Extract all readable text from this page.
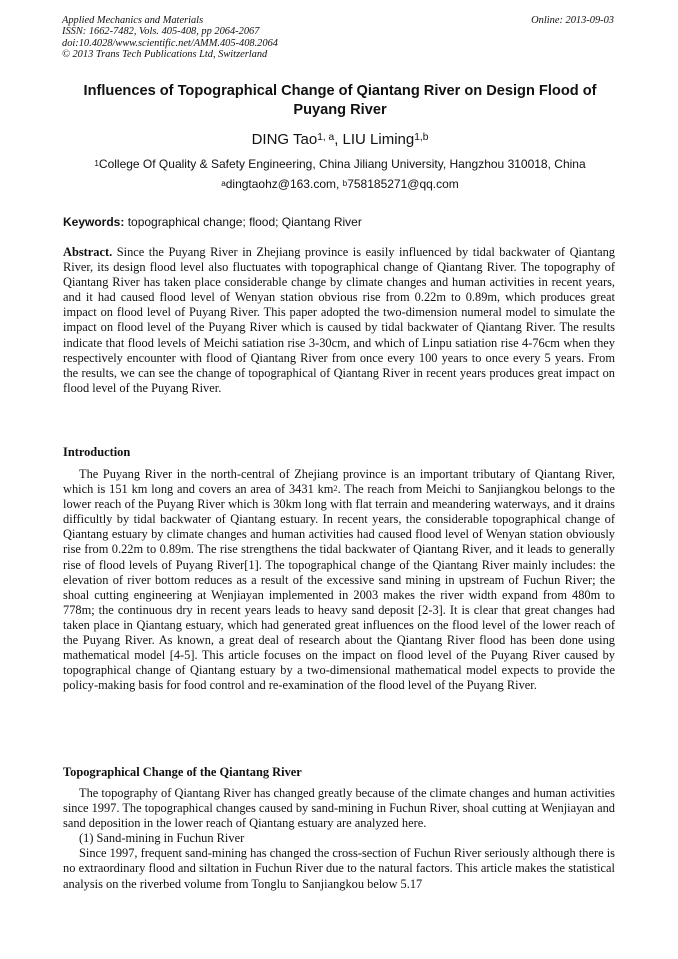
Applied Mechanics and Materials
ISSN: 1662-7482, Vols. 405-408, pp 2064-2067
doi:10.4028/www.scientific.net/AMM.405-408.2064
© 2013 Trans Tech Publications Ltd, Switzerland
Online: 2013-09-03
Influences of Topographical Change of Qiantang River on Design Flood of Puyang River
DING Tao$^{1, a}$, LIU Liming$^{1,b}$
$^1$College Of Quality & Safety Engineering, China Jiliang University, Hangzhou 310018, China
$^a$dingtaohz@163.com, $^b$758185271@qq.com
Keywords: topographical change; flood; Qiantang River
Abstract. Since the Puyang River in Zhejiang province is easily influenced by tidal backwater of Qiantang River, its design flood level also fluctuates with topographical change of Qiantang River. The topography of Qiantang River has taken place considerable change by climate changes and human activities in recent years, and it had caused flood level of Wenyan station obvious rise from 0.22m to 0.89m, which produces great impact on flood level of Puyang River. This paper adopted the two-dimension numeral model to simulate the impact on flood level of the Puyang River which is caused by tidal backwater of Qiantang River. The results indicate that flood levels of Meichi satiation rise 3-30cm, and which of Linpu satiation rise 4-76cm when they respectively encounter with flood of Qiantang River from once every 100 years to once every 5 years. From the results, we can see the change of topographical of Qiantang River in recent years produces great impact on flood level of the Puyang River.
Introduction
The Puyang River in the north-central of Zhejiang province is an important tributary of Qiantang River, which is 151 km long and covers an area of 3431 $km^2$. The reach from Meichi to Sanjiangkou belongs to the lower reach of the Puyang River which is 30km long with flat terrain and meandering waterways, and it drains difficultly by tidal backwater of Qiantang estuary. In recent years, the considerable topographical change of Qiantang estuary by climate changes and human activities had caused flood level of Wenyan station obviously rise from 0.22m to 0.89m. The rise strengthens the tidal backwater of Qiantang River, and it leads to generally rise of flood levels of Puyang River[1]. The topographical change of the Qiantang River mainly includes: the elevation of river bottom reduces as a result of the excessive sand mining in upstream of Fuchun River; the shoal cutting engineering at Wenjiayan implemented in 2003 makes the river width expand from 480m to 778m; the continuous dry in recent years leads to heavy sand deposit [2-3]. It is clear that great changes had taken place in Qiantang estuary, which had generated great influences on the flood level of the lower reach of the Puyang River. As known, a great deal of research about the Qiantang River flood has been done using mathematical model [4-5]. This article focuses on the impact on flood level of the Puyang River caused by topographical change of Qiantang estuary by a two-dimensional mathematical model expects to provide the policy-making basis for food control and re-examination of the flood level of the Puyang River.
Topographical Change of the Qiantang River

The topography of Qiantang River has changed greatly because of the climate changes and human activities since 1997. The topographical changes caused by sand-mining in Fuchun River, shoal cutting at Wenjiayan and sand deposition in the lower reach of Qiantang estuary are analyzed here.

(1) Sand-mining in Fuchun River

Since 1997, frequent sand-mining has changed the cross-section of Fuchun River seriously although there is no extraordinary flood and siltation in Fuchun River due to the natural factors. This article makes the statistical analysis on the riverbed volume from Tonglu to Sanjiangkou below 5.17
